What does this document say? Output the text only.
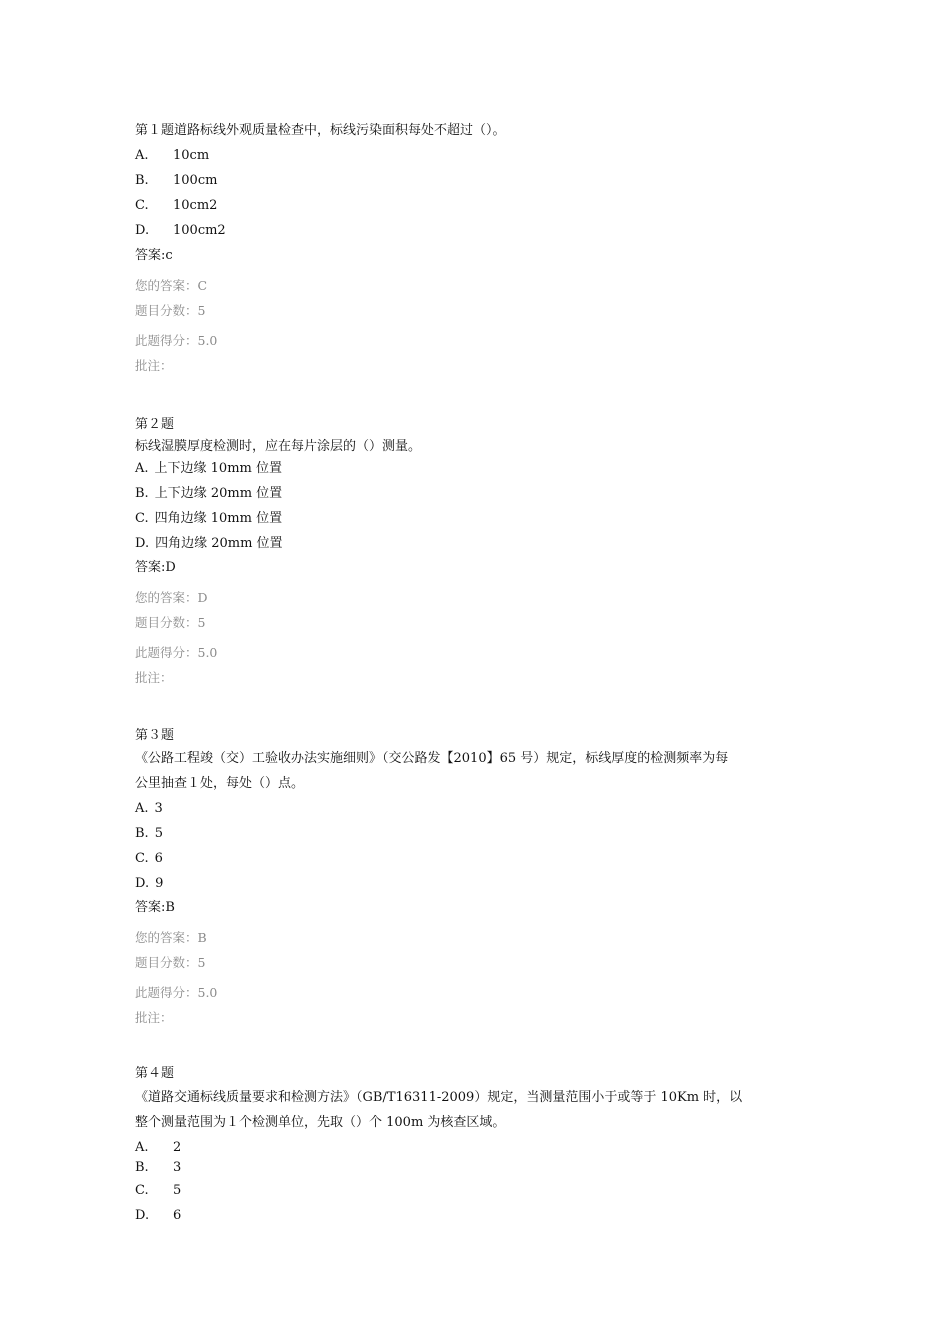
第１题道路标线外观质量检查中，标线污染面积每处不超过（）。
A. 10cm
B. 100cm
C. 10cm2
D. 100cm2
答案:c
您的答案：C
题目分数：5
此题得分：5.0
批注：
第２题
标线湿膜厚度检测时，应在每片涂层的（）测量。
A. 上下边缘 10mm 位置
B. 上下边缘 20mm 位置
C. 四角边缘 10mm 位置
D. 四角边缘 20mm 位置
答案:D
您的答案：D
题目分数：5
此题得分：5.0
批注：
第３题
《公路工程竣（交）工验收办法实施细则》（交公路发【2010】65 号）规定，标线厚度的检测频率为每
公里抽查１处，每处（）点。
A. 3
B. 5
C. 6
D. 9
答案:B
您的答案：B
题目分数：5
此题得分：5.0
批注：
第４题
《道路交通标线质量要求和检测方法》（GB/T16311-2009）规定，当测量范围小于或等于 10Km 时，以
整个测量范围为１个检测单位，先取（）个 100m 为核查区域。
A. 2
B. 3
C. 5
D. 6
